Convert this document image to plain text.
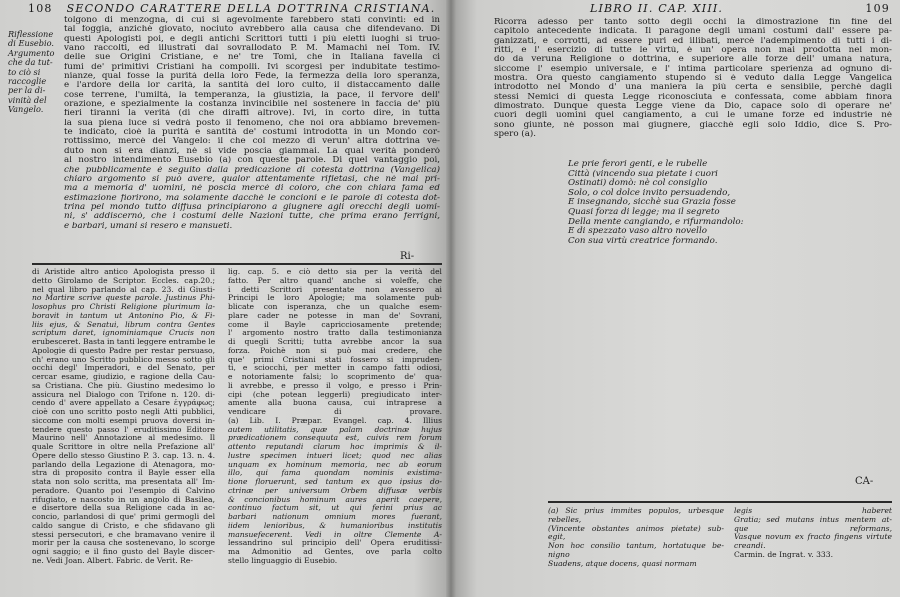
108 SECONDO CARATTERE DELLA DOTTRINA CRISTIANA.
Riflessione
di Eusebio.
Argumento
che da tut-
to ciò si
raccoglie
per la di-
vinità del
Vangelo.
tolgono di menzogna, di cui si agevolmente farebbero stati convinti: ed in
tal foggia, anzichè giovato, nociuto avrebbero alla causa che difendevano. Di
questi Apologisti poi, e degli antichi Scrittori tutti i più eletti luoghi si truo-
vano raccolti, ed illustrati dal sovrallodato P. M. Mamachi nel Tom. IV.
delle sue Origini Cristiane, e ne' tre Tomi, che in Italiana favella ci
fumi de' primitivi Cristiani ha compolli. Ivi scorgesi per indubitate testimo-
nianze, qual fosse la purità della loro Fede, la fermezza della loro speranza,
e l'ardore della lor carità, la santità del loro culto, il distaccamento dalle
cose terrene, l'umiltà, la temperanza, la giustizia, la pace, il fervore dell'
orazione, e spezialmente la costanza invincibile nel sostenere in faccia de' più
fieri tiranni la verità (di che diraffi altrove). Ivi, in corto dire, in tutta
la sua piena luce si vedrà posto il fenomeno, che noi ora abbiamo brevemen-
te indicato, cioè la purità e santità de' costumi introdotta in un Mondo cor-
rottissimo, mercè del Vangelo: il che col mezzo di verun' altra dottrina ve-
duto non si era dianzi, nè si vide poscia giammai. La qual verità ponderò
al nostro intendimento Eusebio (a) con queste parole. Di quel vantaggio poi,
che pubblicamente è seguito dalla predicazione di cotesta dottrina (Vangelica)
chiaro argomento si può avere, qualor attentamente rifletasi, che nè mai pri-
ma a memoria d' uomini, nè poscia mercè di coloro, che con chiara fama ed
estimazione fiorirono, ma solamente dacchè le concioni e le parole di cotesta dot-
trina pel mondo tutto diffusa principiarono a giugnere agli orecchi degli uomi-
ni, s' addiscernò, che i costumi delle Nazioni tutte, che prima erano ferrigni,
e barbari, umani si resero e mansueti.
Ri-
di Aristide altro antico Apologista presso il
detto Girolamo de Scriptor. Eccles. cap.20.;
nel qual libro parlando al cap. 23. di Giusti-
no Martire scrive queste parole. Justinus Phi-
losophus pro Christi Religione plurimum la-
boravit in tantum ut Antonino Pio, & Fi-
liis ejus, & Senatui, librum contra Gentes
scriptum daret, ignominiamque Crucis non
erubesceret. Basta in tanti leggere entrambe le
Apologie di questo Padre per restar persuaso,
ch' erano uno Scritto pubblico messo sotto gli
occhi degl' Imperadori, e del Senato, per
cercar esame, giudizio, e ragione della Cau-
sa Cristiana. Che più. Giustino medesimo lo
assicura nel Dialogo con Trifone n. 120. di-
cendo d' avere appellato a Cesare ἐγγράφως;
cioè con uno scritto posto negli Atti pubblici,
siccome con molti esempi pruova doversi in-
tendere questo passo l' eruditissimo Editore
Maurino nell' Annotazione al medesimo. Il
quale Scrittore in oltre nella Prefazione all'
Opere dello stesso Giustino P. 3. cap. 13. n. 4.
parlando della Legazione di Atenagora, mo-
stra di proposito contra il Bayle esser ella
stata non solo scritta, ma presentata all' Im-
peradore. Quanto poi l'esempio di Calvino
rifugiato, e nascosto in un angolo di Basilea,
e disertore della sua Religione cada in ac-
concio, parlandosi di que' primi germogli del
caldo sangue di Cristo, e che sfidavano gli
stessi persecutori, e che bramavano venire il
morir per la causa che sostenevano, lo scorge
ogni saggio; e il fino gusto del Bayle discer-
ne. Vedi Joan. Albert. Fabric. de Verit. Re-
lig. cap. 5. e ciò detto sia per la verità del
fatto. Per altro quand' anche si voleffe, che
i detti Scrittori presentate non avessero ai
Principi le loro Apologie; ma solamente pub-
blicate con isperanza, che un qualche esem-
plare cader ne potesse in man de' Sovrani,
come il Bayle capricciosamente pretende;
l' argomento nostro tratto dalla testimonianza
di quegli Scritti; tutta avrebbe ancor la sua
forza. Poichè non si può mai credere, che
que' primi Cristiani stati fossero si impruden-
ti, e sciocchi, per metter in campo fatti odiosi,
e notoriamente falsi; lo scoprimento de' qua-
li avrebbe, e presso il volgo, e presso i Prin-
cipi (che potean leggerli) pregiudicato inter-
amente alla buona causa, cui intraprese a
vendicare di provare.
(a) Lib. I. Præpar. Evangel. cap. 4. Illius
autem utilitatis, quæ palam doctrinæ hujus
prædicationem consequuta est, cuivis rem forum
attento reputandi clarum hoc imprimis & il-
lustre specimen intueri licet; quod nec alias
unquam ex hominum memoria, nec ab eorum
illo, qui fama quondam nominis existima-
tione floruerunt, sed tantum ex quo ipsius do-
ctrinæ per universum Orbem diffusæ verbis
& concionibus hominum aures aperit caepere,
continuo factum sit, ut qui ferini prius ac
barbari nationum omnium mores fuerant,
iidem lenioribus, & humanioribus institutis
mansuefecerent. Vedi in oltre Clemente A-
lessandrino sul principio dell' Opera eruditissi-
ma Admonitio ad Gentes, ove parla colto
stello linguaggio di Eusebio.
LIBRO II. CAP. XIII.	109
Ricorra adesso per tanto sotto degli occhi la dimostrazione fin fine del
capitolo antecedente indicata. Il paragone degli umani costumi dall' essere pa-
ganizzati, e corrotti, ad essere puri ed illibati, mercè l'adempimento di tutti i di-
ritti, e l' esercizio di tutte le virtù, è un' opera non mai prodotta nel mon-
do da veruna Religione o dottrina, e superiore alle forze dell' umana natura,
siccome l' esempio universale, e l' intima particolare sperienza ad ognuno di-
mostra. Ora questo cangiamento stupendo si è veduto dalla Legge Vangelica
introdotto nel Mondo d' una maniera la più certa e sensibile, perchè dagli
stessi Nemici di questa Legge riconosciuta e confessata, come abbiam finora
dimostrato. Dunque questa Legge viene da Dio, capace solo di operare ne'
cuori degli uomini quel cangiamento, a cui le umane forze ed industrie nè
sono giunte, nè posson mai giugnere, giacchè egli solo Iddio, dice S. Pro-
spero (a).
Le prie ferori genti, e le rubelle
Città (vincendo sua pietate i cuori
Ostinati) domò: nè col consiglio
Solo, o col dolce invito persuadendo,
E insegnando, sicchè sua Grazia fosse
Quasi forza di legge; ma il segreto
Della mente cangiando, e rifurmandolo:
E di spezzato vaso altro novello
Con sua virtù creatrice formando.
CA-
(a) Sic prius immites populos, urbesque
rebelles,
(Vincente obstantes animos pietate) sub-
egit,
Non hoc consilio tantum, hortatuque be-
nigno
Suadens, atque docens, quasi normam
legis haberet
Gratia; sed mutans intus mentem at-
que reformans,
Vasque novum ex fracto fingens virtute
creandi.
Carmin. de Ingrat. v. 333.
